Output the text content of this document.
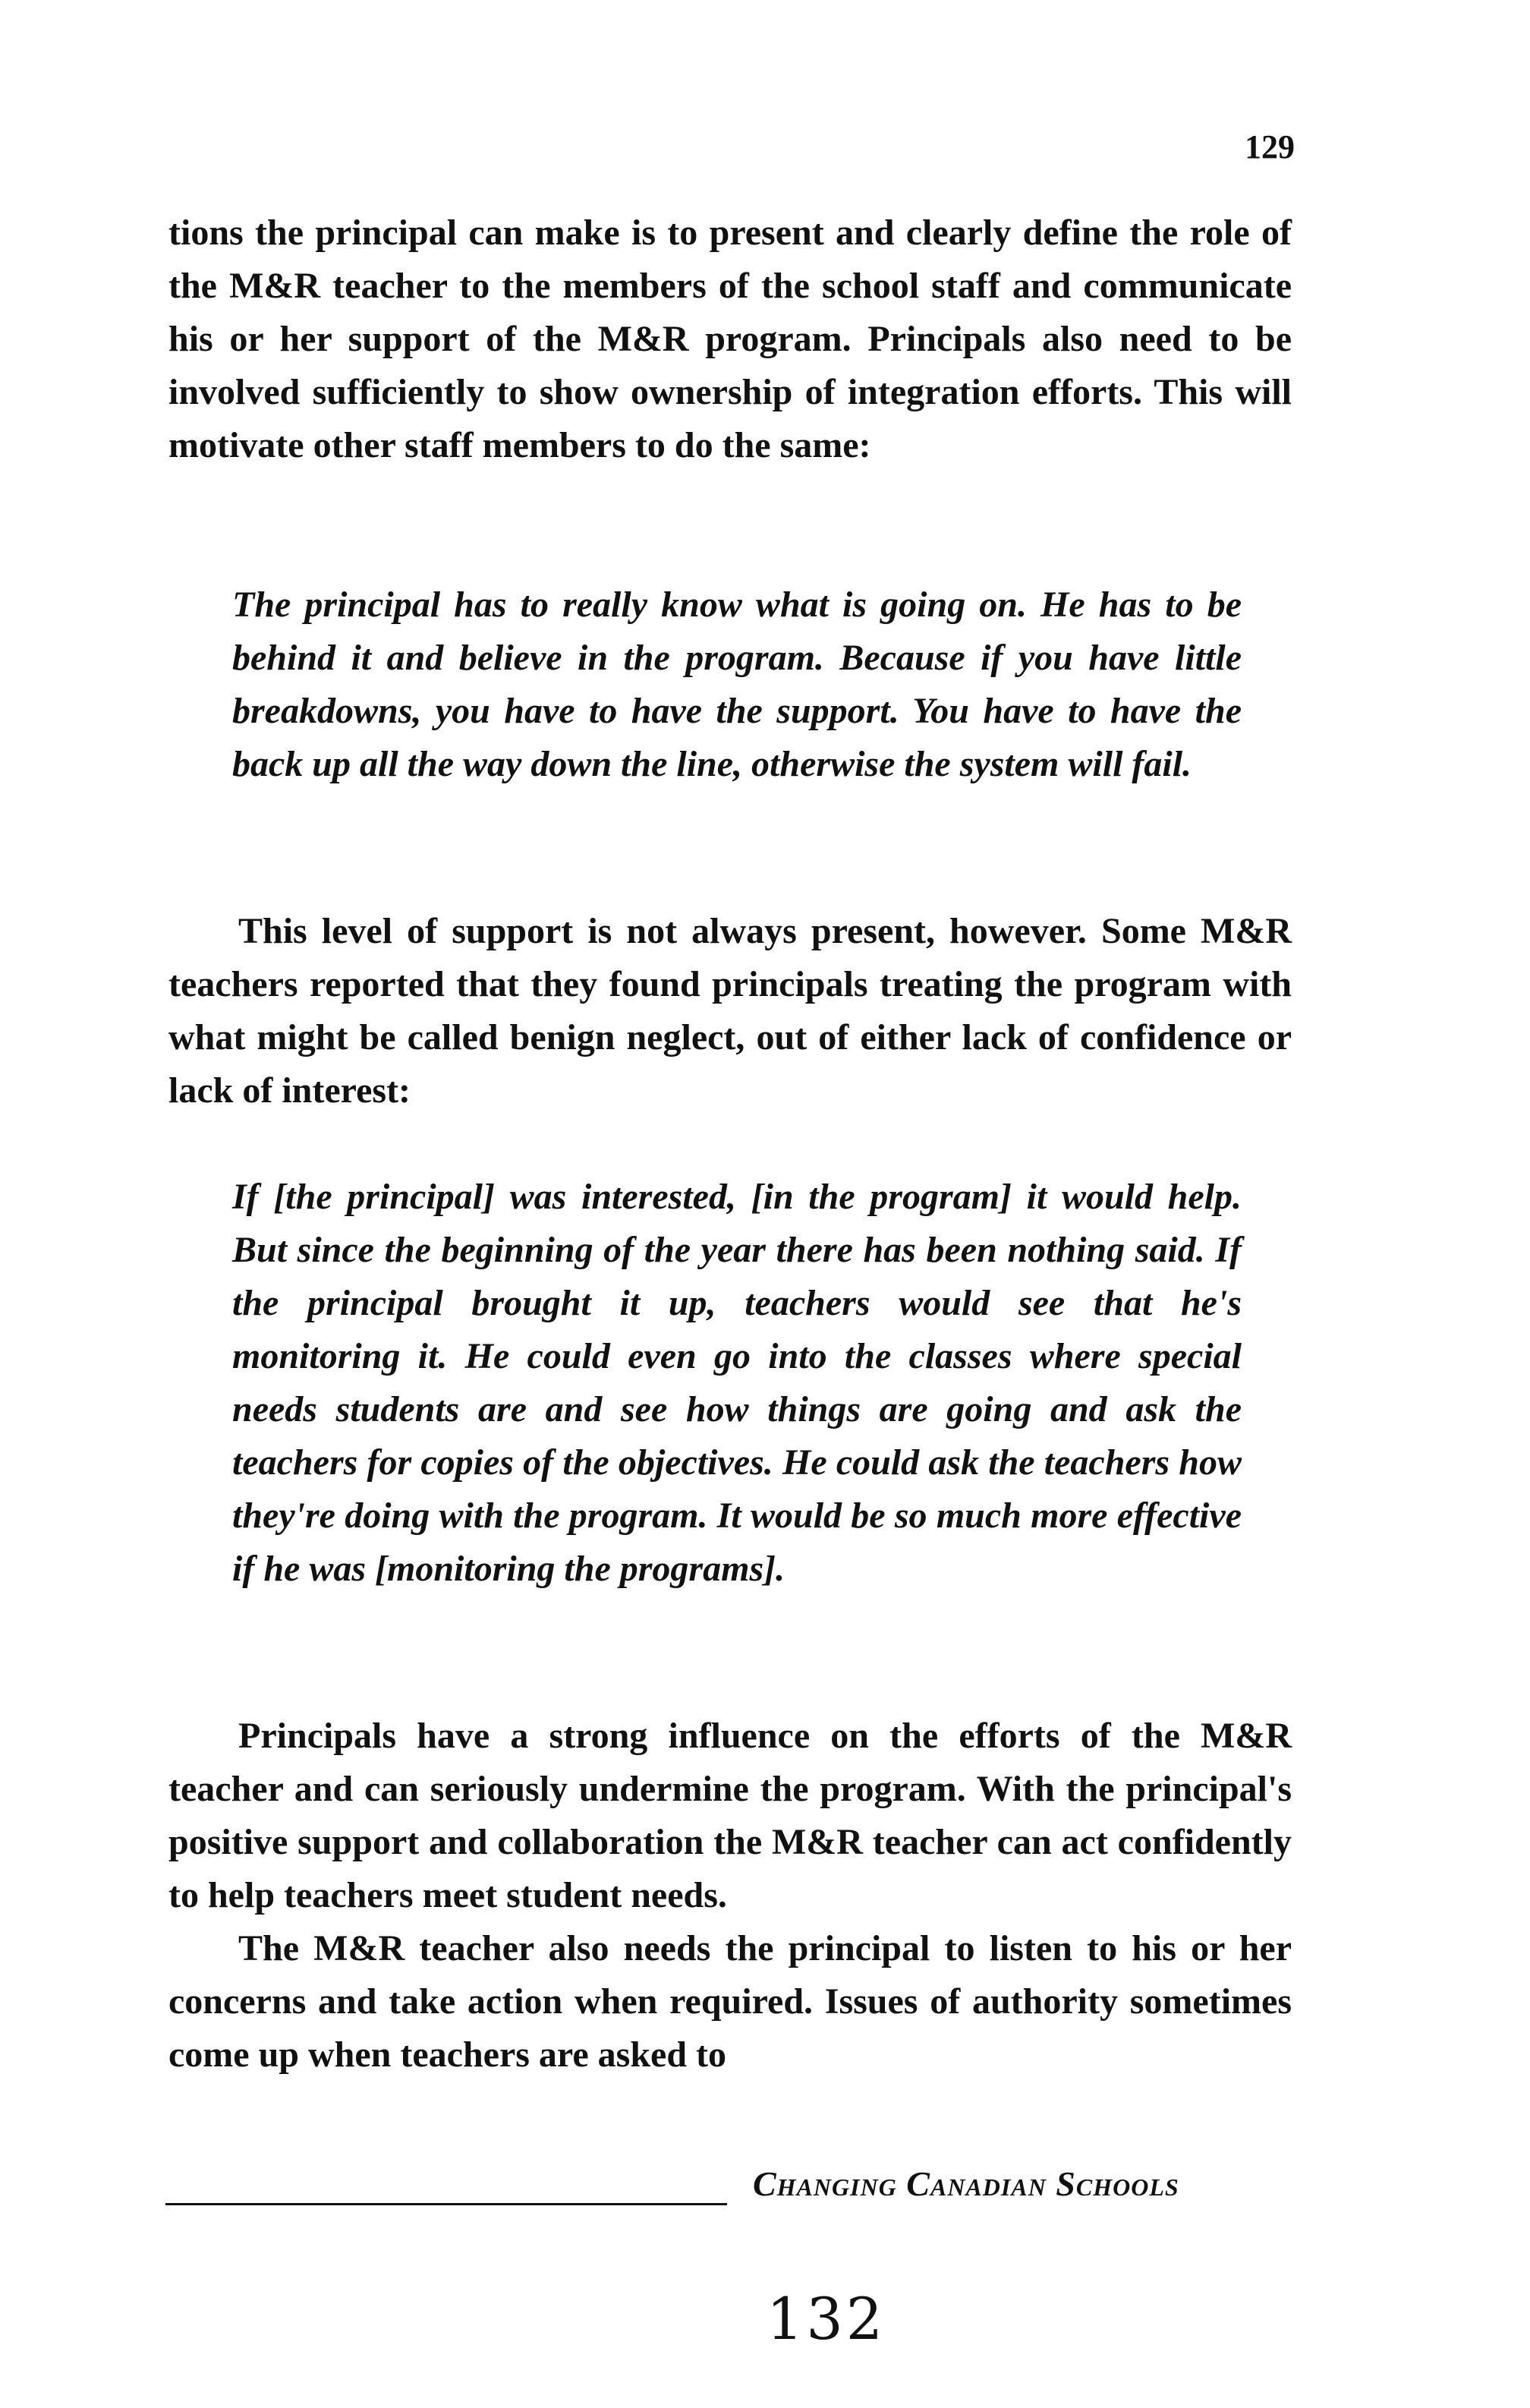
129

tions the principal can make is to present and clearly define the role of the M&R teacher to the members of the school staff and communicate his or her support of the M&R program. Principals also need to be involved sufficiently to show ownership of integration efforts. This will motivate other staff members to do the same:

The principal has to really know what is going on. He has to be behind it and believe in the program. Because if you have little breakdowns, you have to have the support. You have to have the back up all the way down the line, otherwise the system will fail.

This level of support is not always present, however. Some M&R teachers reported that they found principals treating the program with what might be called benign neglect, out of either lack of confidence or lack of interest:

If [the principal] was interested, [in the program] it would help. But since the beginning of the year there has been nothing said. If the principal brought it up, teachers would see that he's monitoring it. He could even go into the classes where special needs students are and see how things are going and ask the teachers for copies of the objectives. He could ask the teachers how they're doing with the program. It would be so much more effective if he was [monitoring the programs].

Principals have a strong influence on the efforts of the M&R teacher and can seriously undermine the program. With the principal's positive support and collaboration the M&R teacher can act confidently to help teachers meet student needs.

The M&R teacher also needs the principal to listen to his or her concerns and take action when required. Issues of authority sometimes come up when teachers are asked to

Changing Canadian Schools
132
